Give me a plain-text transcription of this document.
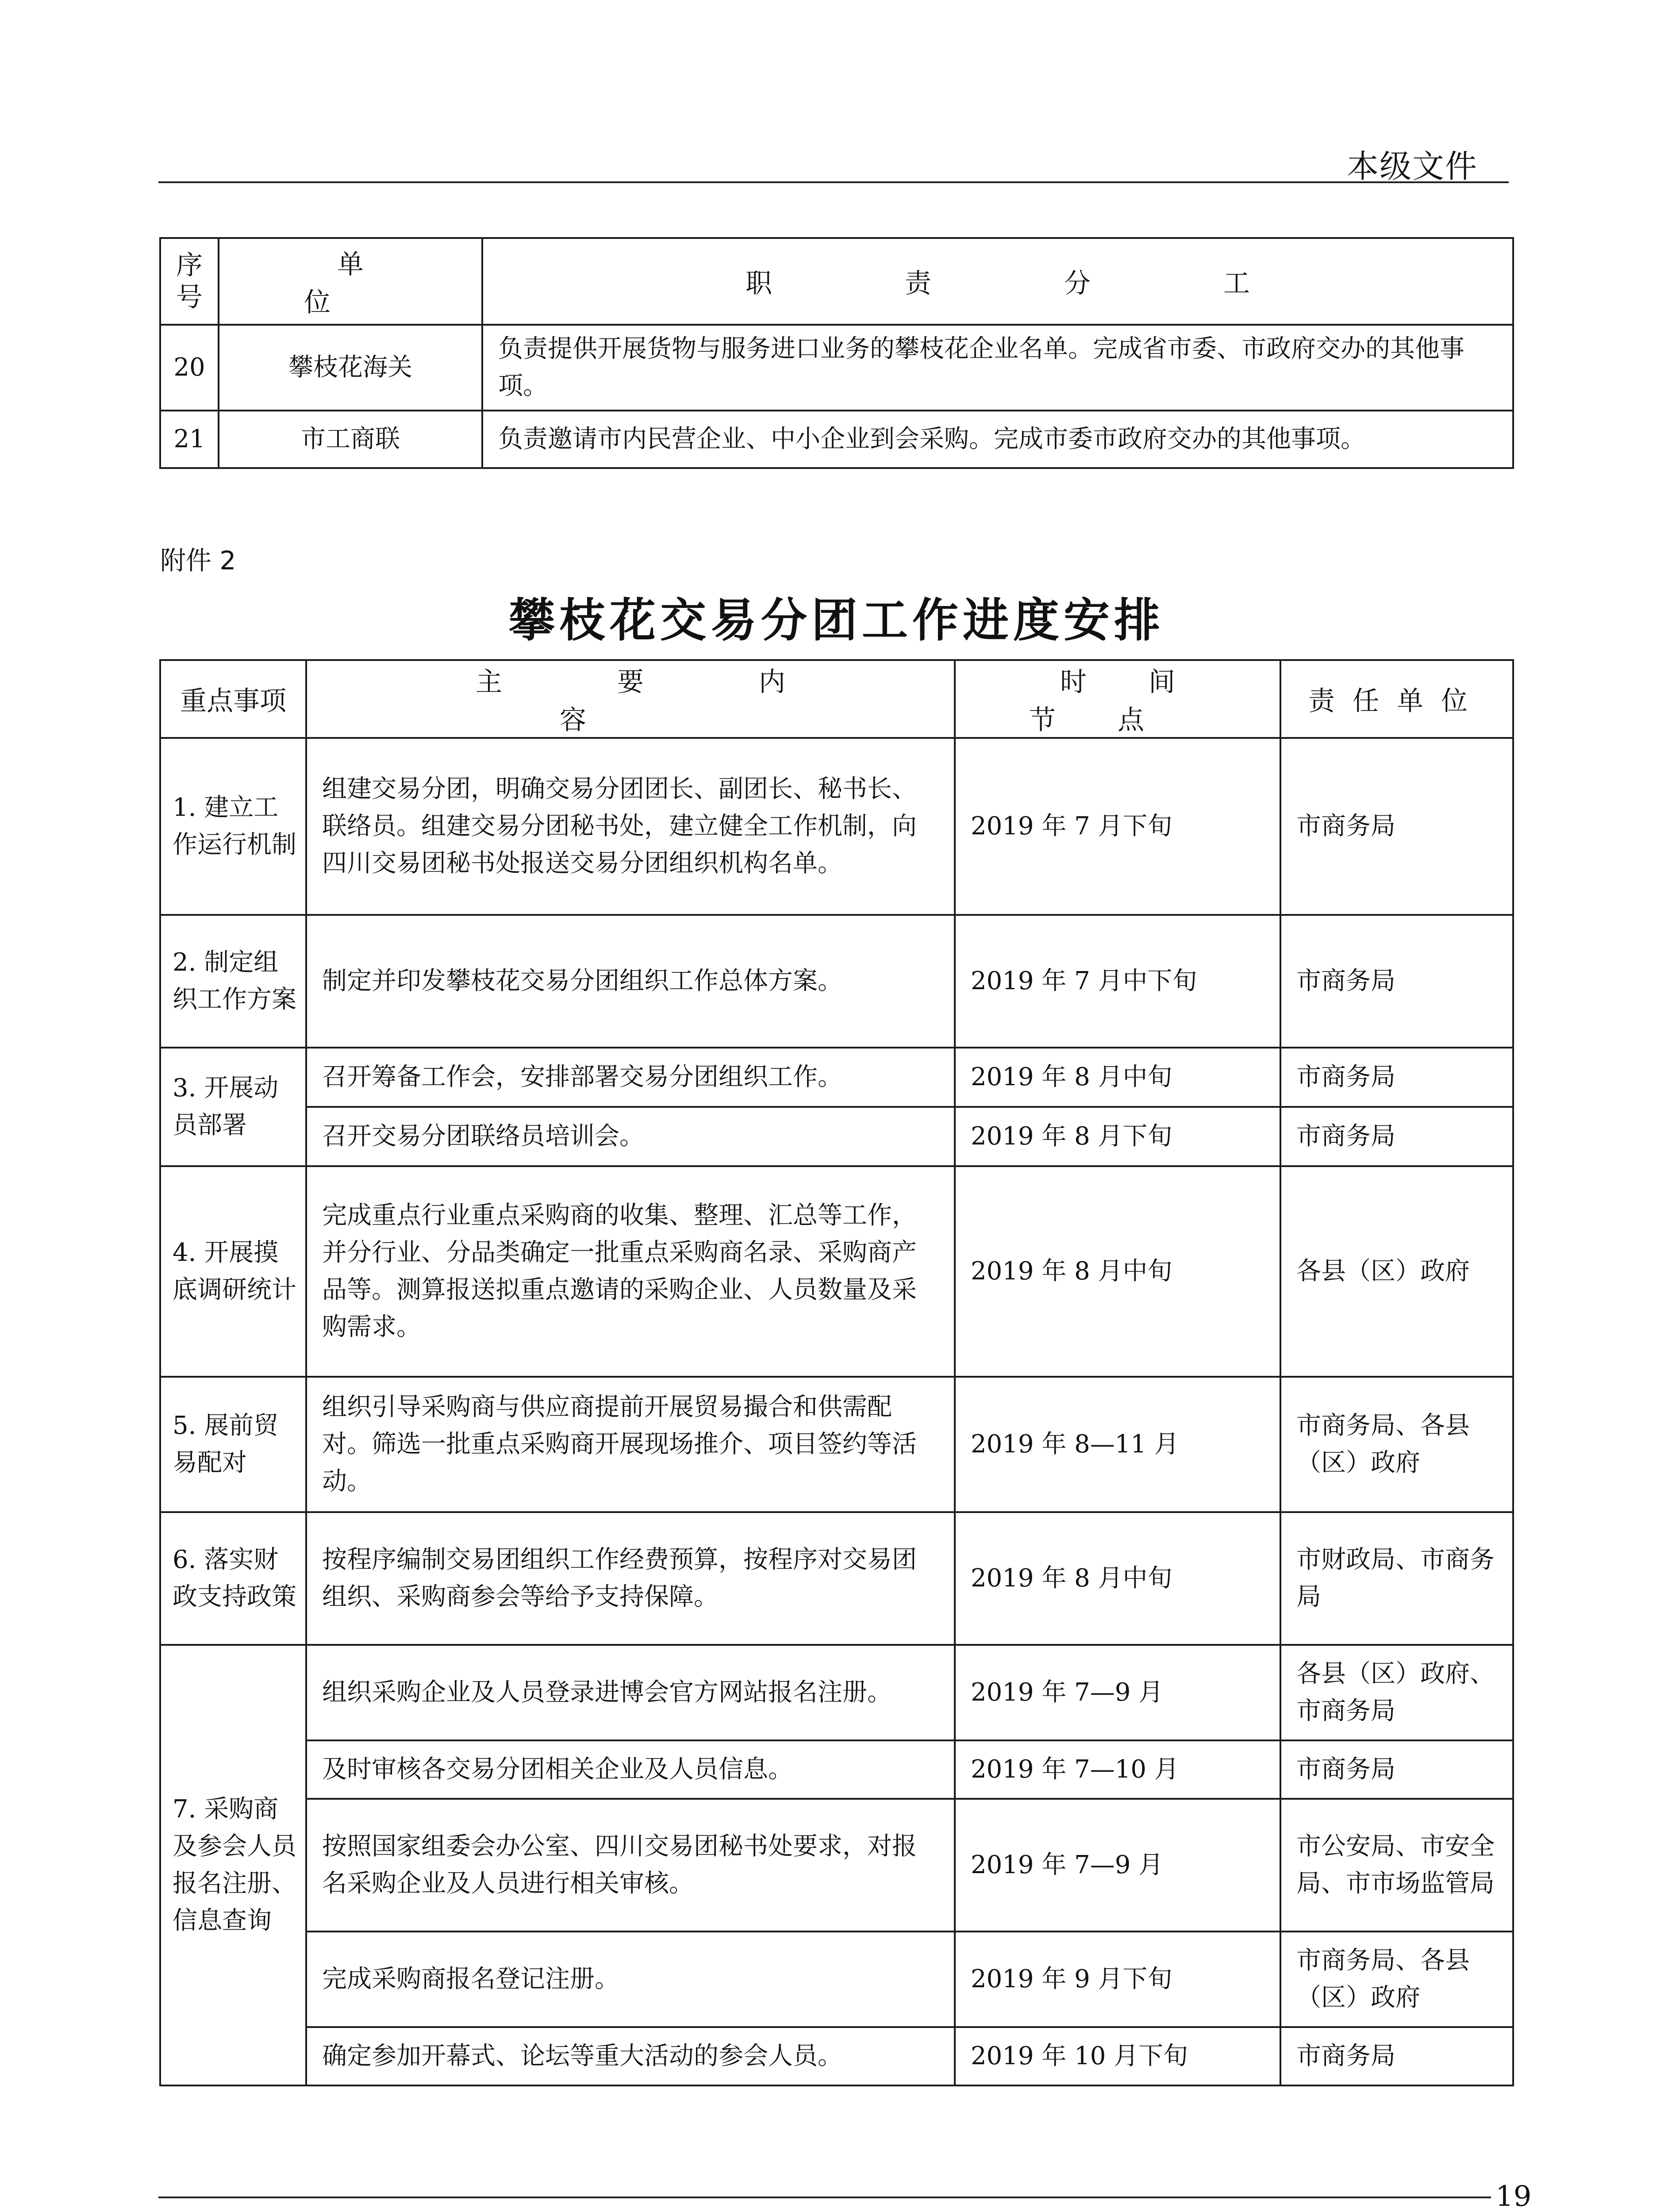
本级文件
序号	单位	职责分工
20	攀枝花海关	负责提供开展货物与服务进口业务的攀枝花企业名单。完成省市委、市政府交办的其他事项。
21	市工商联	负责邀请市内民营企业、中小企业到会采购。完成市委市政府交办的其他事项。
附件 2
攀枝花交易分团工作进度安排
重点事项	主要内容	时间节点	责任单位
1. 建立工作运行机制	组建交易分团，明确交易分团团长、副团长、秘书长、联络员。组建交易分团秘书处，建立健全工作机制，向四川交易团秘书处报送交易分团组织机构名单。	2019 年 7 月下旬	市商务局
2. 制定组织工作方案	制定并印发攀枝花交易分团组织工作总体方案。	2019 年 7 月中下旬	市商务局
3. 开展动员部署	召开筹备工作会，安排部署交易分团组织工作。	2019 年 8 月中旬	市商务局
	召开交易分团联络员培训会。	2019 年 8 月下旬	市商务局
4. 开展摸底调研统计	完成重点行业重点采购商的收集、整理、汇总等工作，并分行业、分品类确定一批重点采购商名录、采购商产品等。测算报送拟重点邀请的采购企业、人员数量及采购需求。	2019 年 8 月中旬	各县（区）政府
5. 展前贸易配对	组织引导采购商与供应商提前开展贸易撮合和供需配对。筛选一批重点采购商开展现场推介、项目签约等活动。	2019 年 8—11 月	市商务局、各县（区）政府
6. 落实财政支持政策	按程序编制交易团组织工作经费预算，按程序对交易团组织、采购商参会等给予支持保障。	2019 年 8 月中旬	市财政局、市商务局
7. 采购商及参会人员报名注册、信息查询	组织采购企业及人员登录进博会官方网站报名注册。	2019 年 7—9 月	各县（区）政府、市商务局
	及时审核各交易分团相关企业及人员信息。	2019 年 7—10 月	市商务局
	按照国家组委会办公室、四川交易团秘书处要求，对报名采购企业及人员进行相关审核。	2019 年 7—9 月	市公安局、市安全局、市市场监管局
	完成采购商报名登记注册。	2019 年 9 月下旬	市商务局、各县（区）政府
	确定参加开幕式、论坛等重大活动的参会人员。	2019 年 10 月下旬	市商务局
19
